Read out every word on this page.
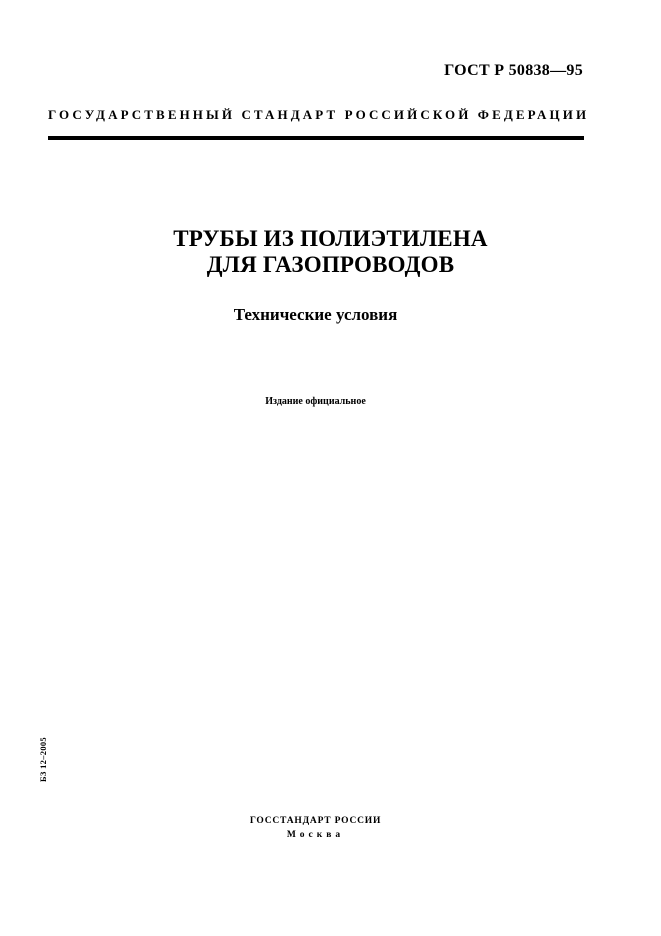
ГОСТ Р 50838—95
ГОСУДАРСТВЕННЫЙ СТАНДАРТ РОССИЙСКОЙ ФЕДЕРАЦИИ
ТРУБЫ ИЗ ПОЛИЭТИЛЕНА
ДЛЯ ГАЗОПРОВОДОВ
Технические условия
Издание официальное
БЗ 12–2005
ГОССТАНДАРТ РОССИИ
Москва
